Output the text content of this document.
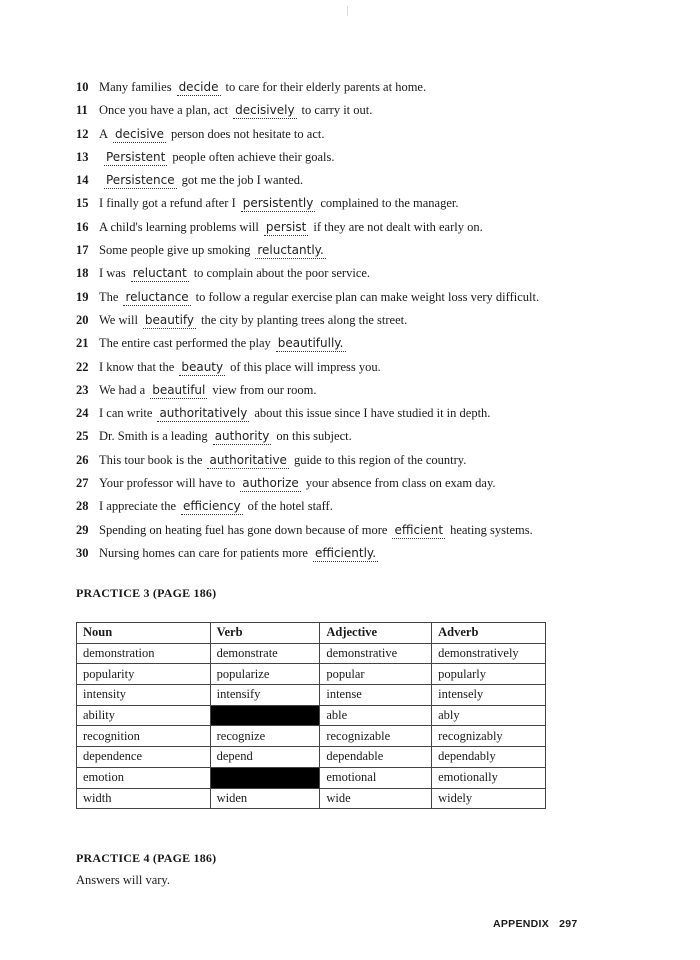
10 Many families decide to care for their elderly parents at home.
11 Once you have a plan, act decisively to carry it out.
12 A decisive person does not hesitate to act.
13	Persistent people often achieve their goals.
14	Persistence got me the job I wanted.
15 I finally got a refund after I persistently complained to the manager.
16 A child's learning problems will persist if they are not dealt with early on.
17 Some people give up smoking reluctantly.
18 I was reluctant to complain about the poor service.
19 The reluctance to follow a regular exercise plan can make weight loss very difficult.
20 We will beautify the city by planting trees along the street.
21 The entire cast performed the play beautifully.
22 I know that the beauty of this place will impress you.
23 We had a beautiful view from our room.
24 I can write authoritatively about this issue since I have studied it in depth.
25 Dr. Smith is a leading authority on this subject.
26 This tour book is the authoritative guide to this region of the country.
27 Your professor will have to authorize your absence from class on exam day.
28 I appreciate the efficiency of the hotel staff.
29 Spending on heating fuel has gone down because of more efficient heating systems.
30 Nursing homes can care for patients more efficiently.
PRACTICE 3 (PAGE 186)
Noun	Verb	Adjective	Adverb
demonstration	demonstrate	demonstrative	demonstratively
popularity	popularize	popular	popularly
intensity	intensify	intense	intensely
ability		able	ably
recognition	recognize	recognizable	recognizably
dependence	depend	dependable	dependably
emotion		emotional	emotionally
width	widen	wide	widely
PRACTICE 4 (PAGE 186)
Answers will vary.
APPENDIX 297
